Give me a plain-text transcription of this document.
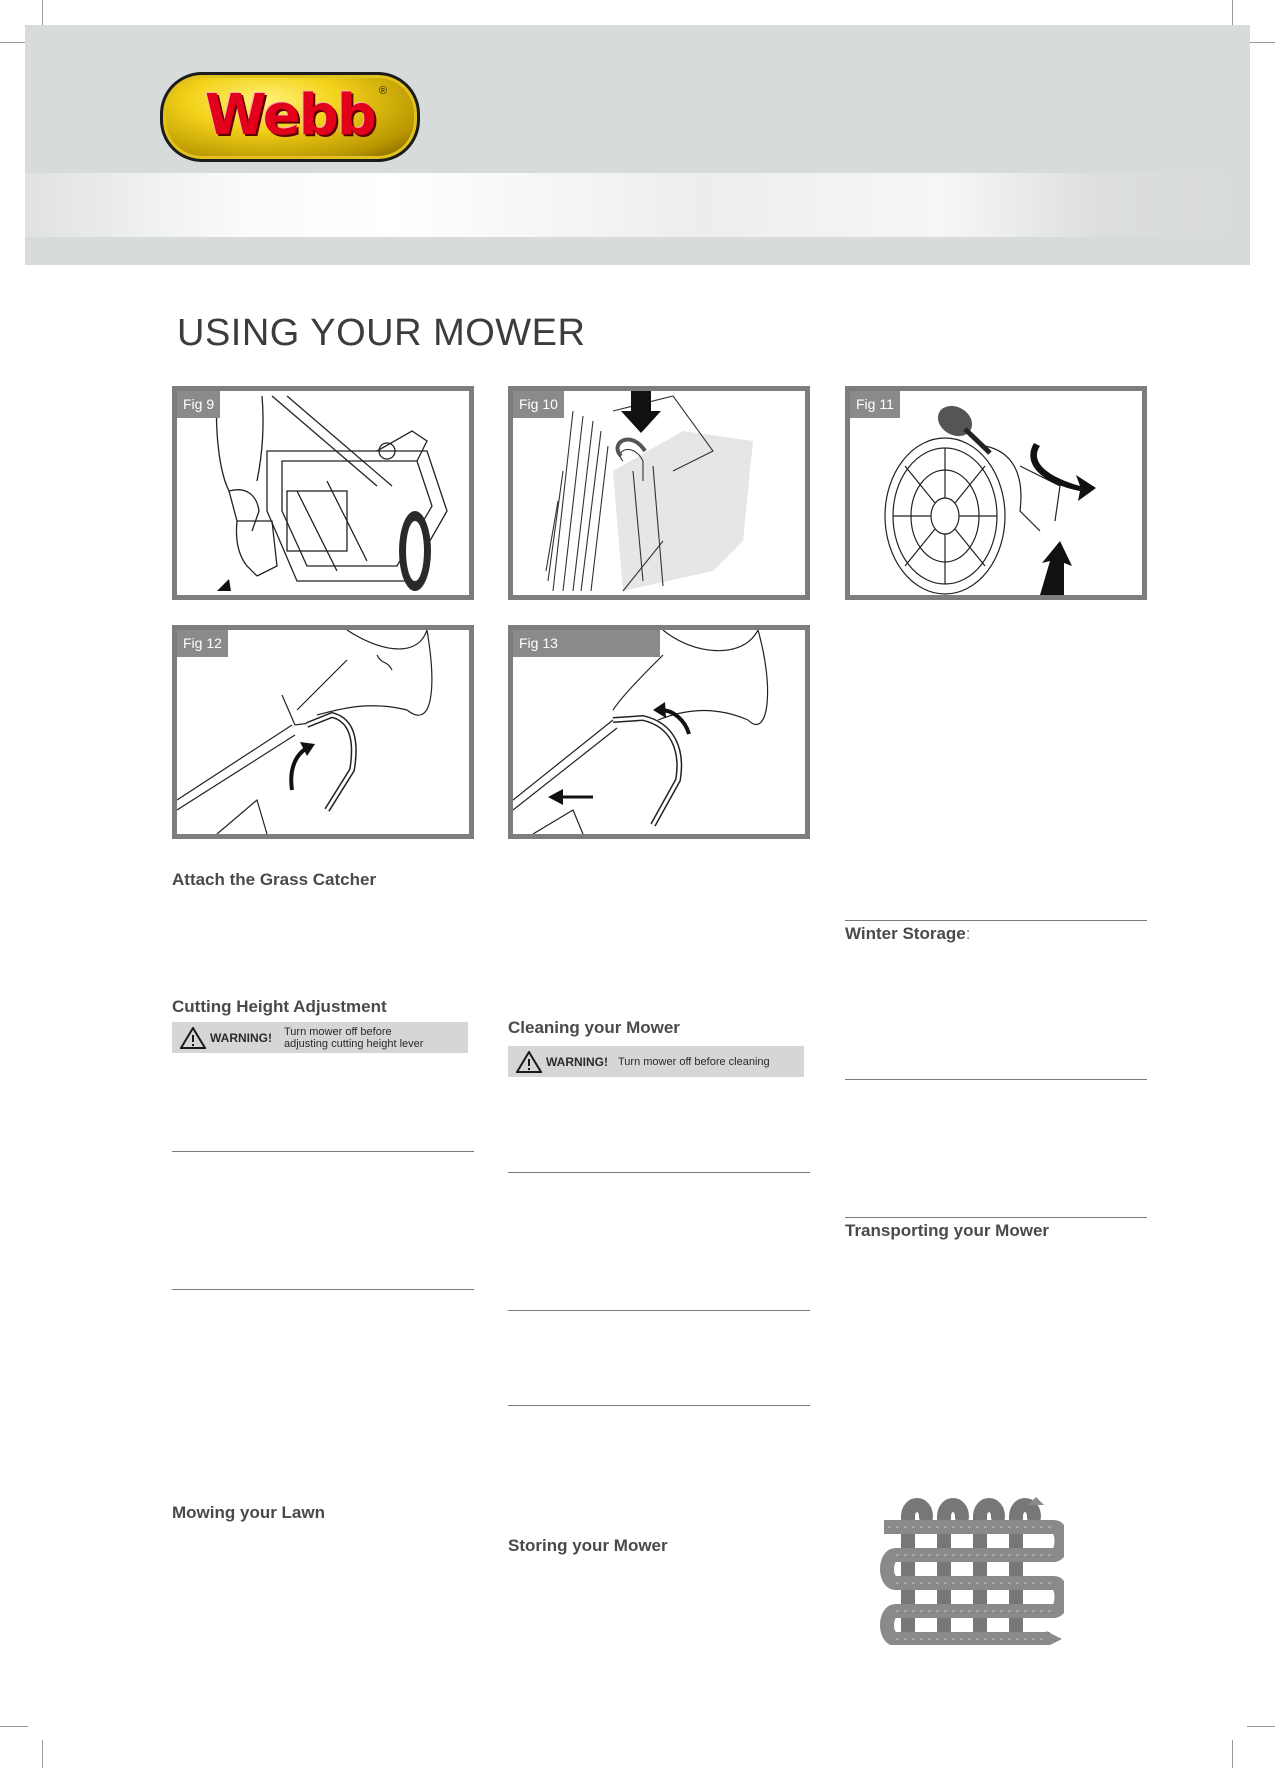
Webb ®
USING YOUR MOWER
Fig 9	Fig 10	Fig 11
Fig 12	Fig 13
Attach the Grass Catcher
Cutting Height Adjustment
WARNING! Turn mower off before
adjusting cutting height lever
Mowing your Lawn
Cleaning your Mower
WARNING! Turn mower off before cleaning
Storing your Mower
Winter Storage:
Transporting your Mower
